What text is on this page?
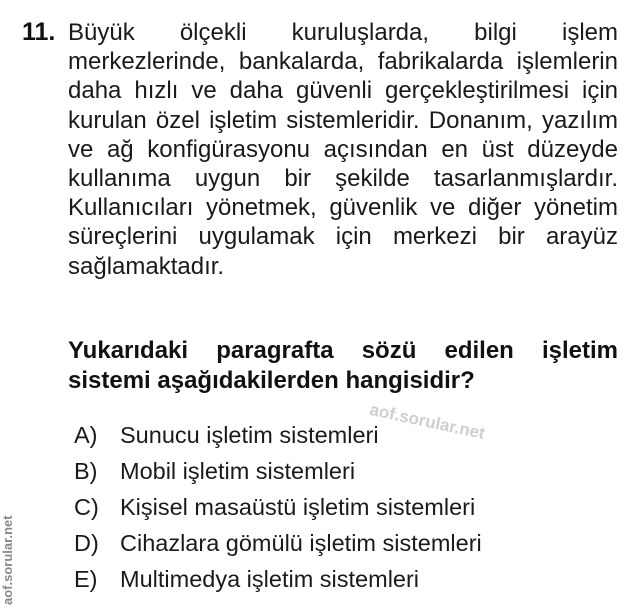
11. Büyük ölçekli kuruluşlarda, bilgi işlem merkezlerinde, bankalarda, fabrikalarda işlemlerin daha hızlı ve daha güvenli gerçekleştirilmesi için kurulan özel işletim sistemleridir. Donanım, yazılım ve ağ konfigürasyonu açısından en üst düzeyde kullanıma uygun bir şekilde tasarlanmışlardır. Kullanıcıları yönetmek, güvenlik ve diğer yönetim süreçlerini uygulamak için merkezi bir arayüz sağlamaktadır.
Yukarıdaki paragrafta sözü edilen işletim sistemi aşağıdakilerden hangisidir?
aof.sorular.net
A) Sunucu işletim sistemleri
B) Mobil işletim sistemleri
C) Kişisel masaüstü işletim sistemleri
D) Cihazlara gömülü işletim sistemleri
E) Multimedya işletim sistemleri
aof.sorular.net
